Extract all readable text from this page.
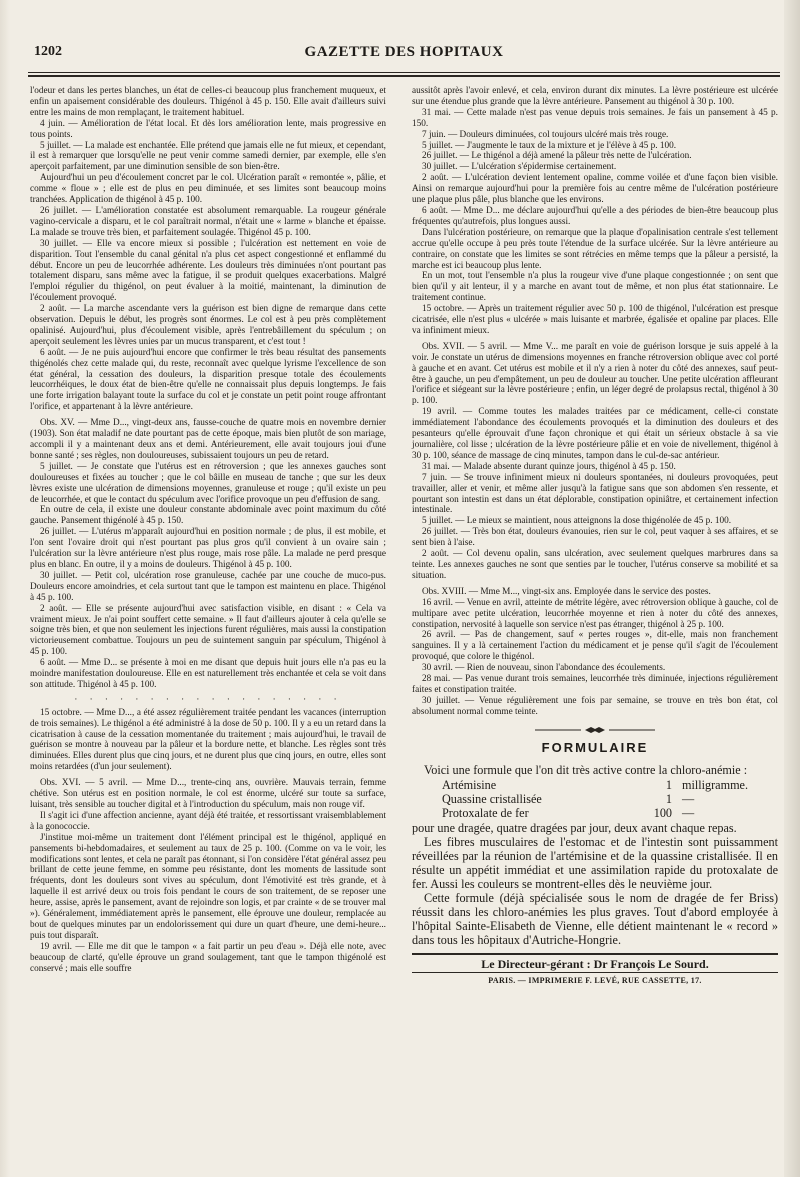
1202	GAZETTE DES HOPITAUX

l'odeur et dans les pertes blanches, un état de celles-ci beaucoup plus franchement muqueux, et enfin un apaisement considérable des douleurs. Thigénol à 45 p. 150. Elle avait d'ailleurs suivi entre les mains de mon remplaçant, le traitement habituel.

4 juin. — Amélioration de l'état local. Et dès lors amélioration lente, mais progressive en tous points.

5 juillet. — La malade est enchantée. Elle prétend que jamais elle ne fut mieux, et cependant, il est à remarquer que lorsqu'elle ne peut venir comme samedi dernier, par exemple, elle s'en aperçoit parfaitement, par une diminution sensible de son bien-être.

Aujourd'hui un peu d'écoulement concret par le col. Ulcération paraît « remontée », pâlie, et comme « floue » ; elle est de plus en peu diminuée, et ses limites sont beaucoup moins tranchées. Application de thigénol à 45 p. 100.

26 juillet. — L'amélioration constatée est absolument remarquable. La rougeur générale vagino-cervicale a disparu, et le col paraîtrait normal, n'était une « larme » blanche et épaisse. La malade se trouve très bien, et parfaitement soulagée. Thigénol 45 p. 100.

30 juillet. — Elle va encore mieux si possible ; l'ulcération est nettement en voie de disparition. Tout l'ensemble du canal génital n'a plus cet aspect congestionné et enflammé du début. Encore un peu de leucorrhée adhérente. Les douleurs très diminuées n'ont pourtant pas totalement disparu, sans même avec la fatigue, il se produit quelques exacerbations. Malgré l'emploi régulier du thigénol, on peut évaluer à la moitié, maintenant, la diminution de l'écoulement provoqué.

2 août. — La marche ascendante vers la guérison est bien digne de remarque dans cette observation. Depuis le début, les progrès sont énormes. Le col est à peu près complètement opalinisé. Aujourd'hui, plus d'écoulement visible, après l'entrebâillement du spéculum ; on aperçoit seulement les lèvres unies par un mucus transparent, et c'est tout !

6 août. — Je ne puis aujourd'hui encore que confirmer le très beau résultat des pansements thigénolés chez cette malade qui, du reste, reconnaît avec quelque lyrisme l'excellence de son état général, la cessation des douleurs, la disparition presque totale des écoulements leucorrhéiques, le doux état de bien-être qu'elle ne connaissait plus depuis longtemps. Je fais une forte irrigation balayant toute la surface du col et je constate un petit point rouge affrontant l'orifice, et appartenant à la lèvre antérieure.

Obs. XV. — Mme D..., vingt-deux ans, fausse-couche de quatre mois en novembre dernier (1903). Son état maladif ne date pourtant pas de cette époque, mais bien plutôt de son mariage, accompli il y a maintenant deux ans et demi. Antérieurement, elle avait toujours joui d'une bonne santé ; ses règles, non douloureuses, subissaient toujours un peu de retard.

5 juillet. — Je constate que l'utérus est en rétroversion ; que les annexes gauches sont douloureuses et fixées au toucher ; que le col bâille en museau de tanche ; que sur les deux lèvres existe une ulcération de dimensions moyennes, granuleuse et rouge ; qu'il existe un peu de leucorrhée, et que le contact du spéculum avec l'orifice provoque un peu d'effusion de sang.

En outre de cela, il existe une douleur constante abdominale avec point maximum du côté gauche. Pansement thigénolé à 45 p. 150.

26 juillet. — L'utérus m'apparaît aujourd'hui en position normale ; de plus, il est mobile, et l'on sent l'ovaire droit qui n'est pourtant pas plus gros qu'il convient à un ovaire sain ; l'ulcération sur la lèvre antérieure n'est plus rouge, mais rose pâle. La malade ne perd presque plus en blanc. En outre, il y a moins de douleurs. Thigénol à 45 p. 100.

30 juillet. — Petit col, ulcération rose granuleuse, cachée par une couche de muco-pus. Douleurs encore amoindries, et cela surtout tant que le tampon est maintenu en place. Thigénol à 45 p. 100.

2 août. — Elle se présente aujourd'hui avec satisfaction visible, en disant : « Cela va vraiment mieux. Je n'ai point souffert cette semaine. » Il faut d'ailleurs ajouter à cela qu'elle se soigne très bien, et que non seulement les injections furent régulières, mais aussi la constipation victorieusement combattue. Toujours un peu de suintement sanguin par spéculum, Thigénol à 45 p. 100.

6 août. — Mme D... se présente à moi en me disant que depuis huit jours elle n'a pas eu la moindre manifestation douloureuse. Elle en est naturellement très enchantée et cela se voit dans son attitude. Thigénol à 45 p. 100.

· · · · · · · · · · · · · · · · · ·

15 octobre. — Mme D..., a été assez régulièrement traitée pendant les vacances (interruption de trois semaines). Le thigénol a été administré à la dose de 50 p. 100. Il y a eu un retard dans la cicatrisation à cause de la cessation momentanée du traitement ; mais aujourd'hui, le travail de guérison se montre à nouveau par la pâleur et la bordure nette, et blanche. Les règles sont très diminuées. Elles durent plus que cinq jours, et ne durent plus que cinq jours, en outre, elles sont moins retardées (d'un jour seulement).

Obs. XVI. — 5 avril. — Mme D..., trente-cinq ans, ouvrière. Mauvais terrain, femme chétive. Son utérus est en position normale, le col est énorme, ulcéré sur toute sa surface, luisant, très sensible au toucher digital et à l'introduction du spéculum, mais non rouge vif.

Il s'agit ici d'une affection ancienne, ayant déjà été traitée, et ressortissant vraisemblablement à la gonococcie.

J'institue moi-même un traitement dont l'élément principal est le thigénol, appliqué en pansements bi-hebdomadaires, et seulement au taux de 25 p. 100. (Comme on va le voir, les modifications sont lentes, et cela ne paraît pas étonnant, si l'on considère l'état général assez peu brillant de cette jeune femme, en somme peu résistante, dont les moments de lassitude sont fréquents, dont les douleurs sont vives au spéculum, dont l'émotivité est très grande, et à laquelle il est arrivé deux ou trois fois pendant le cours de son traitement, de se reposer une heure, assise, après le pansement, avant de rejoindre son logis, et par crainte « de se trouver mal »). Généralement, immédiatement après le pansement, elle éprouve une douleur, remplacée au bout de quelques minutes par un endolorissement qui dure un quart d'heure, une demi-heure... puis tout disparaît.

19 avril. — Elle me dit que le tampon « a fait partir un peu d'eau ». Déjà elle note, avec beaucoup de clarté, qu'elle éprouve un grand soulagement, tant que le tampon thigénolé est conservé ; mais elle souffre

aussitôt après l'avoir enlevé, et cela, environ durant dix minutes. La lèvre postérieure est ulcérée sur une étendue plus grande que la lèvre antérieure. Pansement au thigénol à 30 p. 100.

31 mai. — Cette malade n'est pas venue depuis trois semaines. Je fais un pansement à 45 p. 150.

7 juin. — Douleurs diminuées, col toujours ulcéré mais très rouge.

5 juillet. — J'augmente le taux de la mixture et je l'élève à 45 p. 100.

26 juillet. — Le thigénol a déjà amené la pâleur très nette de l'ulcération.

30 juillet. — L'ulcération s'épidermise certainement.

2 août. — L'ulcération devient lentement opaline, comme voilée et d'une façon bien visible. Ainsi on remarque aujourd'hui pour la première fois au centre même de l'ulcération postérieure une plaque plus pâle, plus blanche que les environs.

6 août. — Mme D... me déclare aujourd'hui qu'elle a des périodes de bien-être beaucoup plus fréquentes qu'autrefois, plus longues aussi.

Dans l'ulcération postérieure, on remarque que la plaque d'opalinisation centrale s'est tellement accrue qu'elle occupe à peu près toute l'étendue de la surface ulcérée. Sur la lèvre antérieure au contraire, on constate que les limites se sont rétrécies en même temps que la pâleur a persisté, la marche est ici beaucoup plus lente.

En un mot, tout l'ensemble n'a plus la rougeur vive d'une plaque congestionnée ; on sent que bien qu'il y ait lenteur, il y a marche en avant tout de même, et non plus état stationnaire. Le traitement continue.

15 octobre. — Après un traitement régulier avec 50 p. 100 de thigénol, l'ulcération est presque cicatrisée, elle n'est plus « ulcérée » mais luisante et marbrée, égalisée et opaline par places. Elle va infiniment mieux.

Obs. XVII. — 5 avril. — Mme V... me paraît en voie de guérison lorsque je suis appelé à la voir. Je constate un utérus de dimensions moyennes en franche rétroversion oblique avec col porté à gauche et en avant. Cet utérus est mobile et il n'y a rien à noter du côté des annexes, sauf peut-être à gauche, un peu d'empâtement, un peu de douleur au toucher. Une petite ulcération affleurant l'orifice et siégeant sur la lèvre postérieure ; enfin, un léger degré de prolapsus rectal, thigénol à 30 p. 100.

19 avril. — Comme toutes les malades traitées par ce médicament, celle-ci constate immédiatement l'abondance des écoulements provoqués et la diminution des douleurs et des pesanteurs qu'elle éprouvait d'une façon chronique et qui était un sérieux obstacle à sa vie journalière, col lisse ; ulcération de la lèvre postérieure pâlie et en voie de nivellement, thigénol à 30 p. 100, séance de massage de cinq minutes, tampon dans le cul-de-sac antérieur.

31 mai. — Malade absente durant quinze jours, thigénol à 45 p. 150.

7 juin. — Se trouve infiniment mieux ni douleurs spontanées, ni douleurs provoquées, peut travailler, aller et venir, et même aller jusqu'à la fatigue sans que son abdomen s'en ressente, et pourtant son intestin est dans un état déplorable, constipation opiniâtre, et certainement infection intestinale.

5 juillet. — Le mieux se maintient, nous atteignons la dose thigénolée de 45 p. 100.

26 juillet. — Très bon état, douleurs évanouies, rien sur le col, peut vaquer à ses affaires, et se sent bien à l'aise.

2 août. — Col devenu opalin, sans ulcération, avec seulement quelques marbrures dans sa teinte. Les annexes gauches ne sont que senties par le toucher, l'utérus conserve sa mobilité et sa situation.

Obs. XVIII. — Mme M..., vingt-six ans. Employée dans le service des postes.

16 avril. — Venue en avril, atteinte de métrite légère, avec rétroversion oblique à gauche, col de multipare avec petite ulcération, leucorrhée moyenne et rien à noter du côté des annexes, constipation, nervosité à laquelle son service n'est pas étranger, thigénol à 25 p. 100.

26 avril. — Pas de changement, sauf « pertes rouges », dit-elle, mais non franchement sanguines. Il y a là certainement l'action du médicament et je pense qu'il s'agit de l'écoulement provoqué, que colore le thigénol.

30 avril. — Rien de nouveau, sinon l'abondance des écoulements.

28 mai. — Pas venue durant trois semaines, leucorrhée très diminuée, injections régulièrement faites et constipation traitée.

30 juillet. — Venue régulièrement une fois par semaine, se trouve en très bon état, col absolument normal comme teinte.

FORMULAIRE

Voici une formule que l'on dit très active contre la chloro-anémie :

Artémisine	1	milligramme.
Quassine cristallisée	1	—
Protoxalate de fer	100	—

pour une dragée, quatre dragées par jour, deux avant chaque repas.

Les fibres musculaires de l'estomac et de l'intestin sont puissamment réveillées par la réunion de l'artémisine et de la quassine cristallisée. Il en résulte un appétit immédiat et une assimilation rapide du protoxalate de fer. Aussi les couleurs se montrent-elles dès le neuvième jour.

Cette formule (déjà spécialisée sous le nom de dragée de fer Briss) réussit dans les chloro-anémies les plus graves. Tout d'abord employée à l'hôpital Sainte-Elisabeth de Vienne, elle détient maintenant le « record » dans tous les hôpitaux d'Autriche-Hongrie.

Le Directeur-gérant : Dr François Le Sourd.
PARIS. — IMPRIMERIE F. LEVÉ, RUE CASSETTE, 17.
